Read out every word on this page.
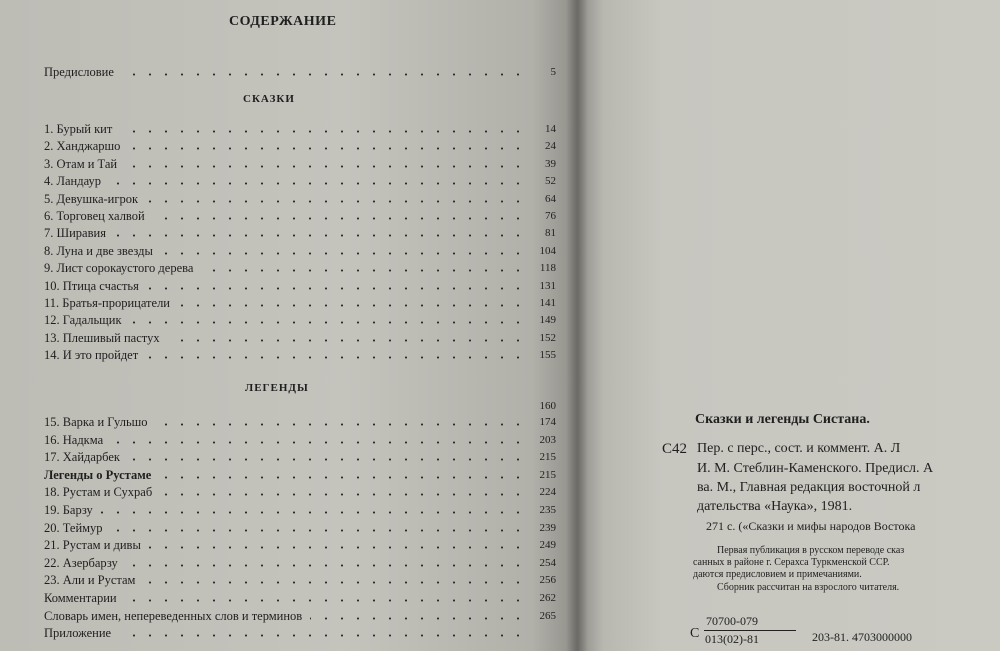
СОДЕРЖАНИЕ
Предисловие	5
СКАЗКИ
1. Бурый кит	14
2. Ханджаршо	24
3. Отам и Тай	39
4. Ландаур	52
5. Девушка-игрок	64
6. Торговец халвой	76
7. Ширавия	81
8. Луна и две звезды	104
9. Лист сорокаустого дерева	118
10. Птица счастья	131
11. Братья-прорицатели	141
12. Гадальщик	149
13. Плешивый пастух	152
14. И это пройдет	155
ЛЕГЕНДЫ
160
15. Варка и Гульшо	174
16. Надкма	203
17. Хайдарбек	215
Легенды о Рустаме	215
18. Рустам и Сухраб	224
19. Барзу	235
20. Теймур	239
21. Рустам и дивы	249
22. Азербарзу	254
23. Али и Рустам	256
Комментарии	262
Словарь имен, непереведенных слов и терминов	265
Приложение
Сказки и легенды Систана.
С42 Пер. с перс., сост. и коммент. А. Л
И. М. Стеблин-Каменского. Предисл. А
ва. М., Главная редакция восточной л
дательства «Наука», 1981.
271 с. («Сказки и мифы народов Востока
Первая публикация в русском переводе сказ
санных в районе г. Серахса Туркменской ССР.
даются предисловием и примечаниями.
Сборник рассчитан на взрослого читателя.
С
70700-079
013(02)-81	203-81. 4703000000
